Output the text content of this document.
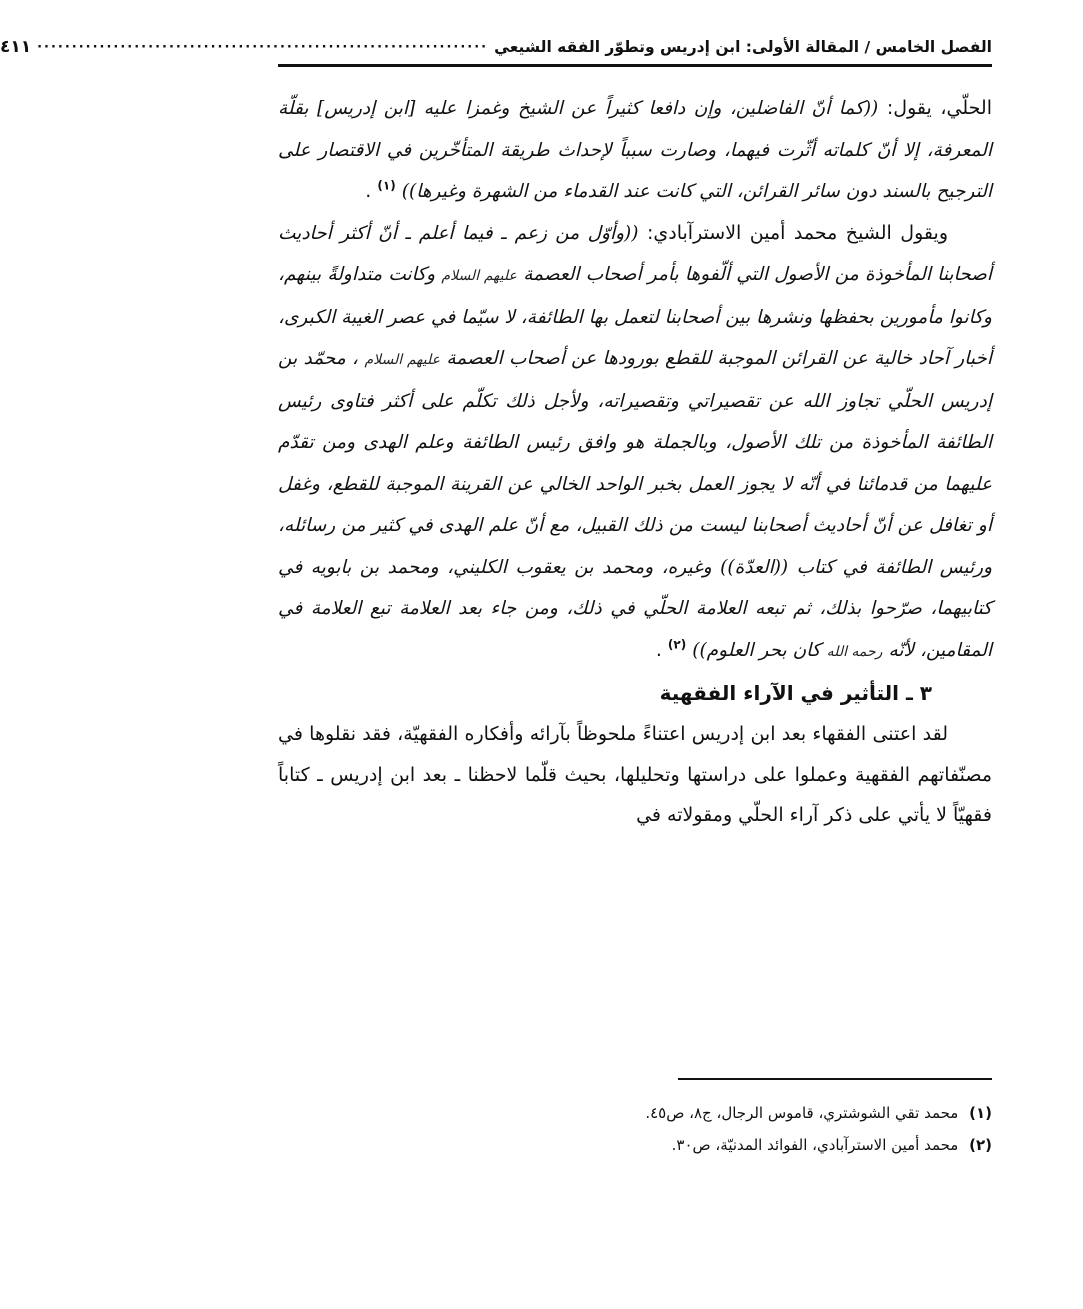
الفصل الخامس / المقالة الأولى: ابن إدريس وتطوّر الفقه الشيعي
·································································
٤١١

الحلّي، يقول: ((كما أنّ الفاضلين، وإن دافعا كثيراً عن الشيخ وغمزا عليه [ابن إدريس] بقلّة المعرفة، إلا أنّ كلماته أثّرت فيهما، وصارت سبباً لإحداث طريقة المتأخّرين في الاقتصار على الترجيح بالسند دون سائر القرائن، التي كانت عند القدماء من الشهرة وغيرها)) $^{(١)}$ .

ويقول الشيخ محمد أمين الاسترآبادي: ((وأوّل من زعم ـ فيما أعلم ـ أنّ أكثر أحاديث أصحابنا المأخوذة من الأصول التي ألّفوها بأمر أصحاب العصمة عليهم السلام وكانت متداولةً بينهم، وكانوا مأمورين بحفظها ونشرها بين أصحابنا لتعمل بها الطائفة، لا سيّما في عصر الغيبة الكبرى، أخبار آحاد خالية عن القرائن الموجبة للقطع بورودها عن أصحاب العصمة عليهم السلام ، محمّد بن إدريس الحلّي تجاوز الله عن تقصيراتي وتقصيراته، ولأجل ذلك تكلّم على أكثر فتاوى رئيس الطائفة المأخوذة من تلك الأصول، وبالجملة هو وافق رئيس الطائفة وعلم الهدى ومن تقدّم عليهما من قدمائنا في أنّه لا يجوز العمل بخبر الواحد الخالي عن القرينة الموجبة للقطع، وغفل أو تغافل عن أنّ أحاديث أصحابنا ليست من ذلك القبيل، مع أنّ علم الهدى في كثير من رسائله، ورئيس الطائفة في كتاب ((العدّة)) وغيره، ومحمد بن يعقوب الكليني، ومحمد بن بابويه في كتابيهما، صرّحوا بذلك، ثم تبعه العلامة الحلّي في ذلك، ومن جاء بعد العلامة تبع العلامة في المقامين، لأنّه رحمه الله كان بحر العلوم)) $^{(٢)}$ .

٣ ـ التأثير في الآراء الفقهية

لقد اعتنى الفقهاء بعد ابن إدريس اعتناءً ملحوظاً بآرائه وأفكاره الفقهيّة، فقد نقلوها في مصنّفاتهم الفقهية وعملوا على دراستها وتحليلها، بحيث قلّما لاحظنا ـ بعد ابن إدريس ـ كتاباً فقهيّاً لا يأتي على ذكر آراء الحلّي ومقولاته في

(١) محمد تقي الشوشتري، قاموس الرجال، ج٨، ص٤٥.

(٢) محمد أمين الاسترآبادي، الفوائد المدنيّة، ص٣٠.
